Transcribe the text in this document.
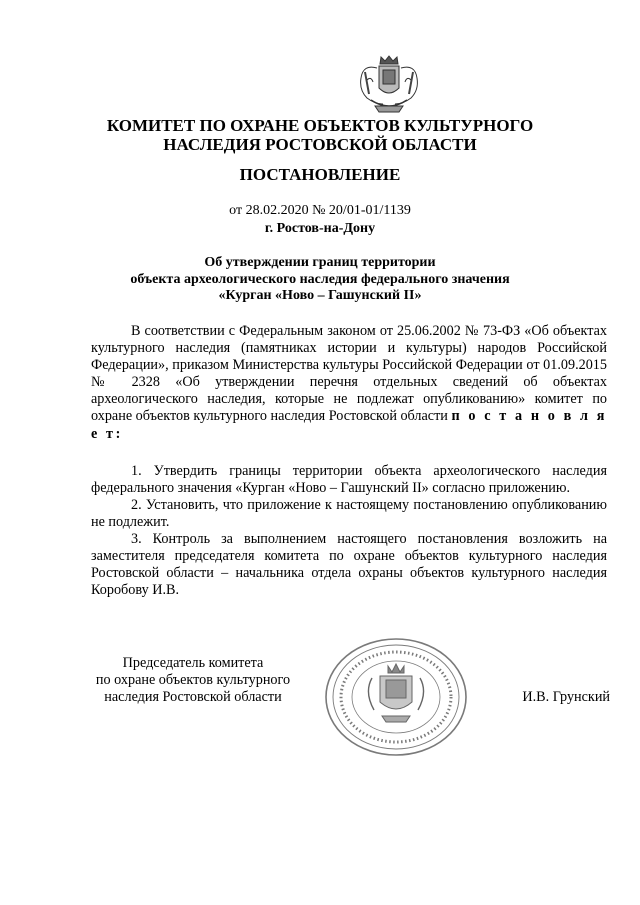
КОМИТЕТ ПО ОХРАНЕ ОБЪЕКТОВ КУЛЬТУРНОГО
НАСЛЕДИЯ РОСТОВСКОЙ ОБЛАСТИ
ПОСТАНОВЛЕНИЕ
от 28.02.2020 № 20/01-01/1139
г. Ростов-на-Дону
Об утверждении границ территории
объекта археологического наследия федерального значения
«Курган «Ново – Гашунский II»
В соответствии с Федеральным законом от 25.06.2002 № 73-ФЗ «Об объектах культурного наследия (памятниках истории и культуры) народов Российской Федерации», приказом Министерства культуры Российской Федерации от 01.09.2015 № 2328 «Об утверждении перечня отдельных сведений об объектах археологического наследия, которые не подлежат опубликованию» комитет по охране объектов культурного наследия Ростовской области п о с т а н о в л я е т:
1. Утвердить границы территории объекта археологического наследия федерального значения «Курган «Ново – Гашунский II» согласно приложению.
2. Установить, что приложение к настоящему постановлению опубликованию не подлежит.
3. Контроль за выполнением настоящего постановления возложить на заместителя председателя комитета по охране объектов культурного наследия Ростовской области – начальника отдела охраны объектов культурного наследия Коробову И.В.
Председатель комитета
по охране объектов культурного
наследия Ростовской области	И.В. Грунский
